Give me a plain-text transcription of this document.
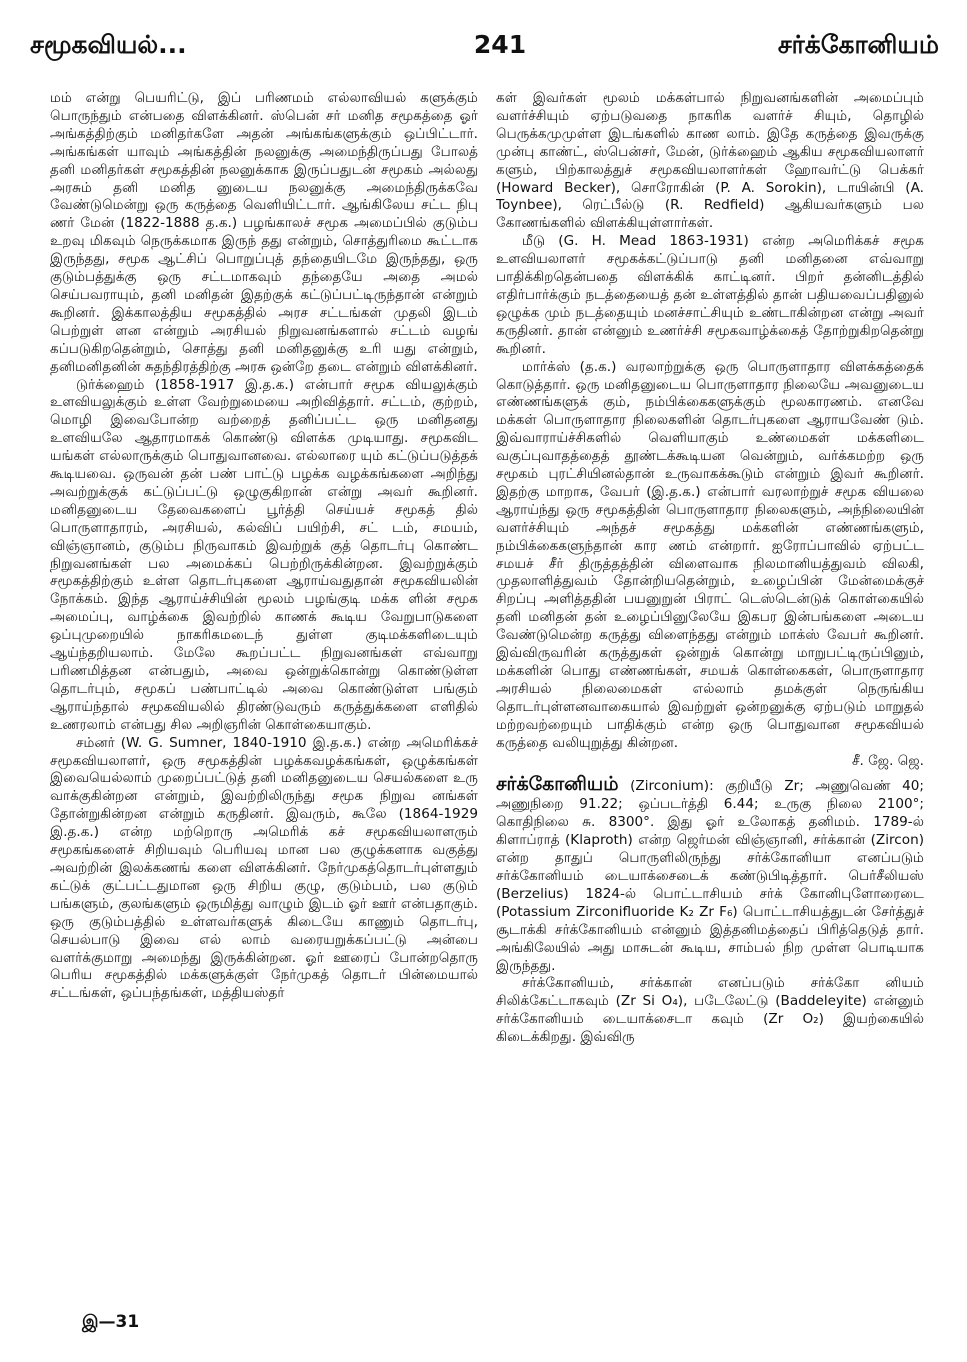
சமூகவியல்...	241	சர்க்கோனியம்

மம் என்று பெயரிட்டு, இப் பரிணமம் எல்லாவியல் களுக்கும் பொருந்தும் என்பதை விளக்கினர். ஸ்பென் சர் மனித சமூகத்தை ஓர் அங்கத்திற்கும் மனிதர்களே அதன் அங்கங்களுக்கும் ஒப்பிட்டார். அங்கங்கள் யாவும் அங்கத்தின் நலனுக்கு அமைந்திருப்பது போலத் தனி மனிதர்கள் சமூகத்தின் நலனுக்காக இருப்பதுடன் சமூகம் அல்லது அரசும் தனி மனித னுடைய நலனுக்கு அமைந்திருக்கவே வேண்டுமென்று ஒரு கருத்தை வெளியிட்டார். ஆங்கிலேய சட்ட நிபு ணர் மேன் (1822-1888 த.க.) பழங்காலச் சமூக அமைப்பில் குடும்ப உறவு மிகவும் நெருக்கமாக இருந் தது என்றும், சொத்துரிமை கூட்டாக இருந்தது, சமூக ஆட்சிப் பொறுப்புத் தந்தையிடமே இருந்தது, ஒரு குடும்பத்துக்கு ஒரு சட்டமாகவும் தந்தையே அதை அமல் செய்பவராயும், தனி மனிதன் இதற்குக் கட்டுப்பட்டிருந்தான் என்றும் கூறினர். இக்காலத்திய சமூகத்தில் அரச சட்டங்கள் முதலி இடம் பெற்றுள் ளன என்றும் அரசியல் நிறுவனங்களால் சட்டம் வழங் கப்படுகிறதென்றும், சொத்து தனி மனிதனுக்கு உரி யது என்றும், தனிமனிதனின் சுதந்திரத்திற்கு அரசு ஒன்றே தடை என்றும் விளக்கினர்.

டுர்க்ஹைம் (1858-1917 இ.த.க.) என்பார் சமூக வியலுக்கும் உளவியலுக்கும் உள்ள வேற்றுமையை அறிவித்தார். சட்டம், குற்றம், மொழி இவைபோன்ற வற்றைத் தனிப்பட்ட ஒரு மனிதனது உளவியலே ஆதாரமாகக் கொண்டு விளக்க முடியாது. சமூகவிட யங்கள் எல்லாருக்கும் பொதுவானவை. எல்லாரை யும் கட்டுப்படுத்தக் கூடியவை. ஒருவன் தன் பண் பாட்டு பழக்க வழக்கங்களை அறிந்து அவற்றுக்குக் கட்டுப்பட்டு ஒழுகுகிறான் என்று அவர் கூறினர். மனிதனுடைய தேவைகளைப் பூர்த்தி செய்யச் சமூகத் தில் பொருளாதாரம், அரசியல், கல்விப் பயிற்சி, சட் டம், சமயம், விஞ்ஞானம், குடும்ப நிருவாகம் இவற்றுக் குத் தொடர்பு கொண்ட நிறுவனங்கள் பல அமைக்கப் பெற்றிருக்கின்றன. இவற்றுக்கும் சமூகத்திற்கும் உள்ள தொடர்புகளை ஆராய்வதுதான் சமூகவியலின் நோக்கம். இந்த ஆராய்ச்சியின் மூலம் பழங்குடி மக்க ளின் சமூக அமைப்பு, வாழ்க்கை இவற்றில் காணக் கூடிய வேறுபாடுகளை ஒப்புமுறையில் நாகரிகமடைந் துள்ள குடிமக்களிடையும் ஆய்ந்தறியலாம். மேலே கூறப்பட்ட நிறுவனங்கள் எவ்வாறு பரிணமித்தன என்பதும், அவை ஒன்றுக்கொன்று கொண்டுள்ள தொடர்பும், சமூகப் பண்பாட்டில் அவை கொண்டுள்ள பங்கும் ஆராய்ந்தால் சமூகவியலில் திரண்டுவரும் கருத்துக்களை எளிதில் உணரலாம் என்பது சில அறிஞரின் கொள்கையாகும்.

சம்னர் (W. G. Sumner, 1840-1910 இ.த.க.) என்ற அமெரிக்கச் சமூகவியலாளர், ஒரு சமூகத்தின் பழக்கவழக்கங்கள், ஒழுக்கங்கள் இவையெல்லாம் முறைப்பட்டுத் தனி மனிதனுடைய செயல்களை உரு வாக்குகின்றன என்றும், இவற்றிலிருந்து சமூக நிறுவ னங்கள் தோன்றுகின்றன என்றும் கருதினர். இவரும், கூலே (1864-1929 இ.த.க.) என்ற மற்றொரு அமெரிக் கச் சமூகவியலாளரும் சமூகங்களைச் சிறியவும் பெரியவு மான பல குழுக்களாக வகுத்து அவற்றின் இலக்கணங் களை விளக்கினர். நேர்முகத்தொடர்புள்ளதும் கட்டுக் குட்பட்டதுமான ஒரு சிறிய குழு, குடும்பம், பல குடும் பங்களும், குலங்களும் ஒருமித்து வாழும் இடம் ஓர் ஊர் என்பதாகும். ஒரு குடும்பத்தில் உள்ளவர்களுக் கிடையே காணும் தொடர்பு, செயல்பாடு இவை எல் லாம் வரையறுக்கப்பட்டு அன்பை வளர்க்குமாறு அமைந்து இருக்கின்றன. ஓர் ஊரைப் போன்றதொரு பெரிய சமூகத்தில் மக்களுக்குள் நேர்முகத் தொடர் பின்மையால் சட்டங்கள், ஒப்பந்தங்கள், மத்தியஸ்தர்

கள் இவர்கள் மூலம் மக்கள்பால் நிறுவனங்களின் அமைப்பும் வளர்ச்சியும் ஏற்படுவதை நாகரிக வளர்ச் சியும், தொழில் பெருக்கமுமுள்ள இடங்களில் காண லாம். இதே கருத்தை இவருக்கு முன்பு காண்ட், ஸ்பென்சர், மேன், டுர்க்ஹைம் ஆகிய சமூகவியலாளர் களும், பிற்காலத்துச் சமூகவியலாளர்கள் ஹோவர்ட்டு பெக்கர் (Howard Becker), சொரோகின் (P. A. Sorokin), டாயின்பி (A. Toynbee), ரெட்பீல்டு (R. Redfield) ஆகியவர்களும் பல கோணங்களில் விளக்கியுள்ளார்கள்.

மீடு (G. H. Mead 1863-1931) என்ற அமெரிக்கச் சமூக உளவியலாளர் சமூகக்கட்டுப்பாடு தனி மனிதனை எவ்வாறு பாதிக்கிறதென்பதை விளக்கிக் காட்டினர். பிறர் தன்னிடத்தில் எதிர்பார்க்கும் நடத்தையைத் தன் உள்ளத்தில் தான் பதியவைப்பதினுல் ஒழுக்க மும் நடத்தையும் மனச்சாட்சியும் உண்டாகின்றன என்று அவர் கருதினர். தான் என்னும் உணர்ச்சி சமூகவாழ்க்கைத் தோற்றுகிறதென்று கூறினர்.

மார்க்ஸ் (த.க.) வரலாற்றுக்கு ஒரு பொருளாதார விளக்கத்தைக் கொடுத்தார். ஒரு மனிதனுடைய பொருளாதார நிலையே அவனுடைய எண்ணங்களுக் கும், நம்பிக்கைகளுக்கும் மூலகாரணம். எனவே மக்கள் பொருளாதார நிலைகளின் தொடர்புகளை ஆராயவேண் டும். இவ்வாராய்ச்சிகளில் வெளியாகும் உண்மைகள் மக்களிடை வகுப்புவாதத்தைத் தூண்டக்கூடியன வென்றும், வர்க்கமற்ற ஒரு சமூகம் புரட்சியினல்தான் உருவாகக்கூடும் என்றும் இவர் கூறினர். இதற்கு மாறாக, வேபர் (இ.த.க.) என்பார் வரலாற்றுச் சமூக வியலை ஆராய்ந்து ஒரு சமூகத்தின் பொருளாதார நிலைகளும், அந்நிலையின் வளர்ச்சியும் அந்தச் சமூகத்து மக்களின் எண்ணங்களும், நம்பிக்கைகளுந்தான் கார ணம் என்றார். ஐரோப்பாவில் ஏற்பட்ட சமயச் சீர் திருத்தத்தின் விளைவாக நிலமானியத்துவம் விலகி, முதலாளித்துவம் தோன்றியதென்றும், உழைப்பின் மேன்மைக்குச் சிறப்பு அளித்ததின் பயனுறுன் பிராட் டெஸ்டென்டுக் கொள்கையில் தனி மனிதன் தன் உழைப்பினுலேயே இகபர இன்பங்களை அடைய வேண்டுமென்ற கருத்து விளைந்தது என்றும் மாக்ஸ் வேபர் கூறினர். இவ்விருவரின் கருத்துகள் ஒன்றுக் கொன்று மாறுபட்டிருப்பினும், மக்களின் பொது எண்ணங்கள், சமயக் கொள்கைகள், பொருளாதார அரசியல் நிலைமைகள் எல்லாம் தமக்குள் நெருங்கிய தொடர்புள்ளனவாகையால் இவற்றுள் ஒன்றனுக்கு ஏற்படும் மாறுதல் மற்றவற்றையும் பாதிக்கும் என்ற ஒரு பொதுவான சமூகவியல் கருத்தை வலியுறுத்து கின்றன.

சீ. ஜே. ஜெ.

சர்க்கோனியம் (Zirconium): குறியீடு Zr; அணுவெண் 40; அணுநிறை 91.22; ஒப்படர்த்தி 6.44; உருகு நிலை 2100°; கொதிநிலை சு. 8300°. இது ஓர் உலோகத் தனிமம். 1789-ல் கிளாப்ராத் (Klaproth) என்ற ஜெர்மன் விஞ்ஞானி, சர்க்கான் (Zircon) என்ற தாதுப் பொருளிலிருந்து சர்க்கோனியா எனப்படும் சர்க்கோனியம் டையாக்சைடைக் கண்டுபிடித்தார். பெர்சீலியஸ் (Berzelius) 1824-ல் பொட்டாசியம் சர்க் கோனிபுளோரைடை (Potassium Zirconifluoride K₂ Zr F₆) பொட்டாசியத்துடன் சேர்த்துச் சூடாக்கி சர்க்கோனியம் என்னும் இத்தனிமத்தைப் பிரித்தெடுத் தார். அங்கிலேயில் அது மாசுடன் கூடிய, சாம்பல் நிற முள்ள பொடியாக இருந்தது.

சர்க்கோனியம், சர்க்கான் எனப்படும் சர்க்கோ னியம் சிலிக்கேட்டாகவும் (Zr Si O₄), படேலேட்டு (Baddeleyite) என்னும் சர்க்கோனியம் டையாக்சைடா கவும் (Zr O₂) இயற்கையில் கிடைக்கிறது. இவ்விரு

இ—31
